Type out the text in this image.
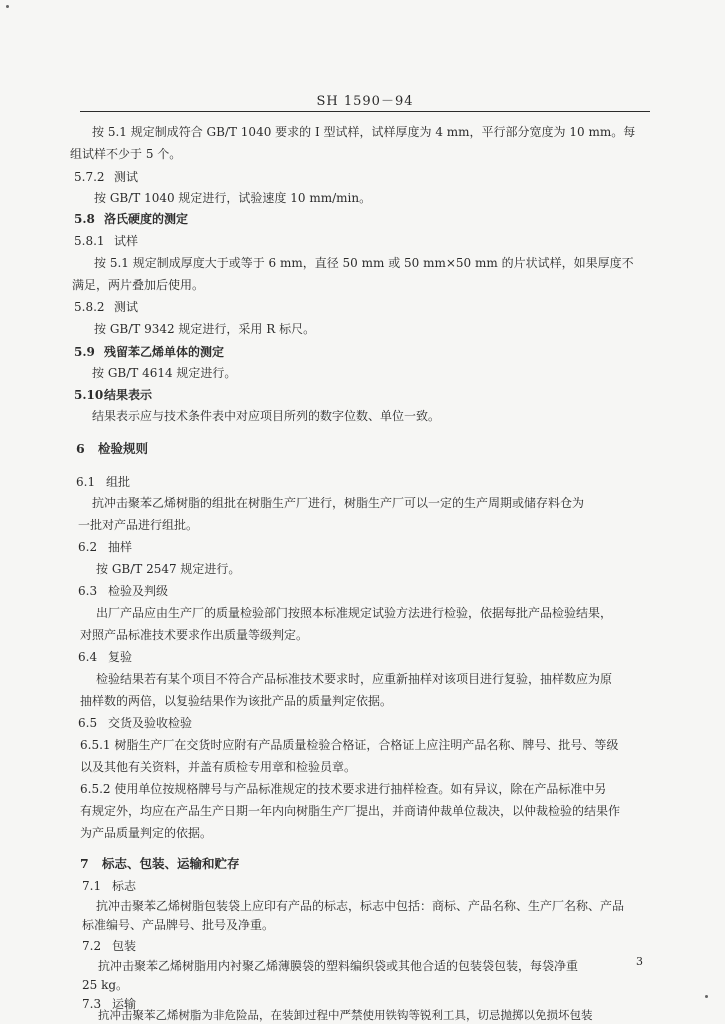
SH 1590－94
按 5.1 规定制成符合 GB/T 1040 要求的 I 型试样，试样厚度为 4 mm，平行部分宽度为 10 mm。每
组试样不少于 5 个。
5.7.2 测试
按 GB/T 1040 规定进行，试验速度 10 mm/min。
5.8 洛氏硬度的测定
5.8.1 试样
按 5.1 规定制成厚度大于或等于 6 mm，直径 50 mm 或 50 mm×50 mm 的片状试样，如果厚度不
满足，两片叠加后使用。
5.8.2 测试
按 GB/T 9342 规定进行，采用 R 标尺。
5.9 残留苯乙烯单体的测定
按 GB/T 4614 规定进行。
5.10结果表示
结果表示应与技术条件表中对应项目所列的数字位数、单位一致。
6 检验规则
6.1 组批
抗冲击聚苯乙烯树脂的组批在树脂生产厂进行，树脂生产厂可以一定的生产周期或储存料仓为
一批对产品进行组批。
6.2 抽样
按 GB/T 2547 规定进行。
6.3 检验及判级
出厂产品应由生产厂的质量检验部门按照本标准规定试验方法进行检验，依据每批产品检验结果，
对照产品标准技术要求作出质量等级判定。
6.4 复验
检验结果若有某个项目不符合产品标准技术要求时，应重新抽样对该项目进行复验，抽样数应为原
抽样数的两倍，以复验结果作为该批产品的质量判定依据。
6.5 交货及验收检验
6.5.1 树脂生产厂在交货时应附有产品质量检验合格证，合格证上应注明产品名称、牌号、批号、等级
以及其他有关资料，并盖有质检专用章和检验员章。
6.5.2 使用单位按规格牌号与产品标准规定的技术要求进行抽样检查。如有异议，除在产品标准中另
有规定外，均应在产品生产日期一年内向树脂生产厂提出，并商请仲裁单位裁决，以仲裁检验的结果作
为产品质量判定的依据。
7 标志、包装、运输和贮存
7.1 标志
抗冲击聚苯乙烯树脂包装袋上应印有产品的标志，标志中包括：商标、产品名称、生产厂名称、产品
标准编号、产品牌号、批号及净重。
7.2 包装
抗冲击聚苯乙烯树脂用内衬聚乙烯薄膜袋的塑料编织袋或其他合适的包装袋包装，每袋净重
25 kg。
7.3 运输
抗冲击聚苯乙烯树脂为非危险品，在装卸过程中严禁使用铁钩等锐利工具，切忌抛掷以免损坏包装
3
